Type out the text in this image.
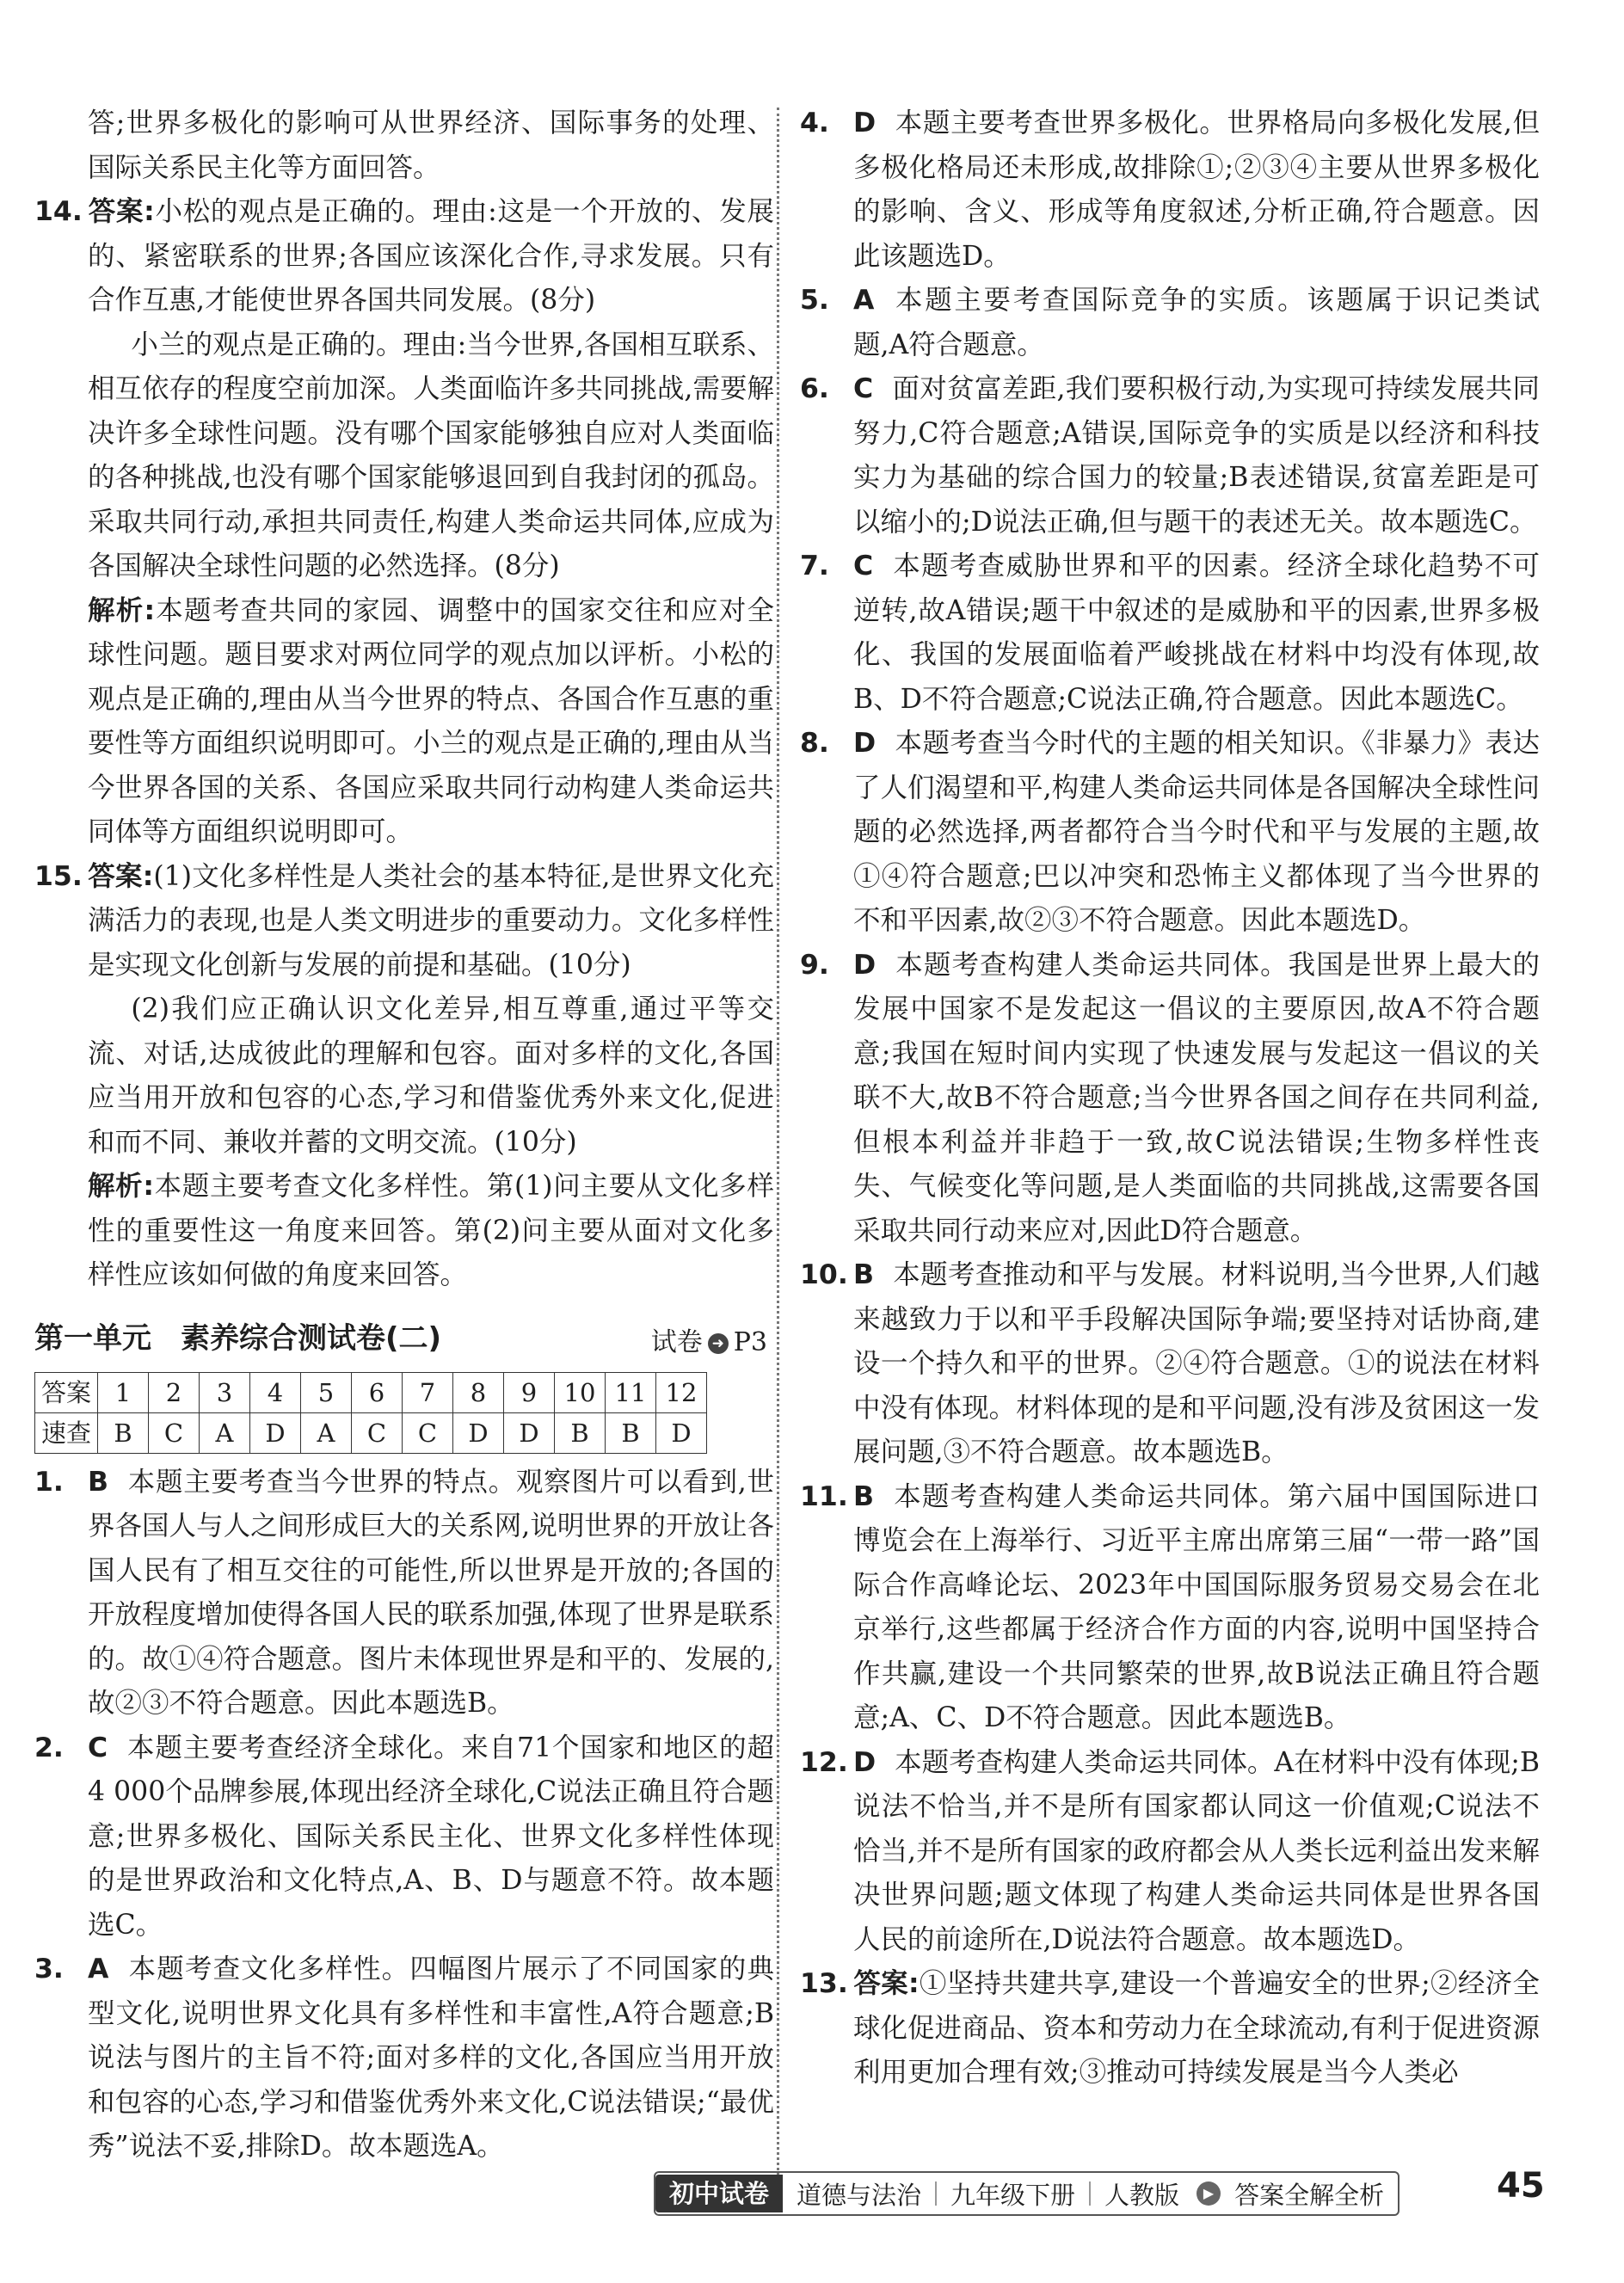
答;世界多极化的影响可从世界经济、国际事务的处理、国际关系民主化等方面回答。

14. 答案:小松的观点是正确的。理由:这是一个开放的、发展的、紧密联系的世界;各国应该深化合作,寻求发展。只有合作互惠,才能使世界各国共同发展。(8分)

小兰的观点是正确的。理由:当今世界,各国相互联系、相互依存的程度空前加深。人类面临许多共同挑战,需要解决许多全球性问题。没有哪个国家能够独自应对人类面临的各种挑战,也没有哪个国家能够退回到自我封闭的孤岛。采取共同行动,承担共同责任,构建人类命运共同体,应成为各国解决全球性问题的必然选择。(8分)

解析:本题考查共同的家园、调整中的国家交往和应对全球性问题。题目要求对两位同学的观点加以评析。小松的观点是正确的,理由从当今世界的特点、各国合作互惠的重要性等方面组织说明即可。小兰的观点是正确的,理由从当今世界各国的关系、各国应采取共同行动构建人类命运共同体等方面组织说明即可。

15. 答案:(1)文化多样性是人类社会的基本特征,是世界文化充满活力的表现,也是人类文明进步的重要动力。文化多样性是实现文化创新与发展的前提和基础。(10分)

(2)我们应正确认识文化差异,相互尊重,通过平等交流、对话,达成彼此的理解和包容。面对多样的文化,各国应当用开放和包容的心态,学习和借鉴优秀外来文化,促进和而不同、兼收并蓄的文明交流。(10分)

解析:本题主要考查文化多样性。第(1)问主要从文化多样性的重要性这一角度来回答。第(2)问主要从面对文化多样性应该如何做的角度来回答。

第一单元　素养综合测试卷(二)	试卷 ➜ P3
答案	1	2	3	4	5	6	7	8	9	10	11	12
速查	B	C	A	D	A	C	C	D	D	B	B	D

1. B 本题主要考查当今世界的特点。观察图片可以看到,世界各国人与人之间形成巨大的关系网,说明世界的开放让各国人民有了相互交往的可能性,所以世界是开放的;各国的开放程度增加使得各国人民的联系加强,体现了世界是联系的。故①④符合题意。图片未体现世界是和平的、发展的,故②③不符合题意。因此本题选B。

2. C 本题主要考查经济全球化。来自71个国家和地区的超4 000个品牌参展,体现出经济全球化,C说法正确且符合题意;世界多极化、国际关系民主化、世界文化多样性体现的是世界政治和文化特点,A、B、D与题意不符。故本题选C。

3. A 本题考查文化多样性。四幅图片展示了不同国家的典型文化,说明世界文化具有多样性和丰富性,A符合题意;B说法与图片的主旨不符;面对多样的文化,各国应当用开放和包容的心态,学习和借鉴优秀外来文化,C说法错误;“最优秀”说法不妥,排除D。故本题选A。

4. D 本题主要考查世界多极化。世界格局向多极化发展,但多极化格局还未形成,故排除①;②③④主要从世界多极化的影响、含义、形成等角度叙述,分析正确,符合题意。因此该题选D。

5. A 本题主要考查国际竞争的实质。该题属于识记类试题,A符合题意。

6. C 面对贫富差距,我们要积极行动,为实现可持续发展共同努力,C符合题意;A错误,国际竞争的实质是以经济和科技实力为基础的综合国力的较量;B表述错误,贫富差距是可以缩小的;D说法正确,但与题干的表述无关。故本题选C。

7. C 本题考查威胁世界和平的因素。经济全球化趋势不可逆转,故A错误;题干中叙述的是威胁和平的因素,世界多极化、我国的发展面临着严峻挑战在材料中均没有体现,故B、D不符合题意;C说法正确,符合题意。因此本题选C。

8. D 本题考查当今时代的主题的相关知识。《非暴力》表达了人们渴望和平,构建人类命运共同体是各国解决全球性问题的必然选择,两者都符合当今时代和平与发展的主题,故①④符合题意;巴以冲突和恐怖主义都体现了当今世界的不和平因素,故②③不符合题意。因此本题选D。

9. D 本题考查构建人类命运共同体。我国是世界上最大的发展中国家不是发起这一倡议的主要原因,故A不符合题意;我国在短时间内实现了快速发展与发起这一倡议的关联不大,故B不符合题意;当今世界各国之间存在共同利益,但根本利益并非趋于一致,故C说法错误;生物多样性丧失、气候变化等问题,是人类面临的共同挑战,这需要各国采取共同行动来应对,因此D符合题意。

10. B 本题考查推动和平与发展。材料说明,当今世界,人们越来越致力于以和平手段解决国际争端;要坚持对话协商,建设一个持久和平的世界。②④符合题意。①的说法在材料中没有体现。材料体现的是和平问题,没有涉及贫困这一发展问题,③不符合题意。故本题选B。

11. B 本题考查构建人类命运共同体。第六届中国国际进口博览会在上海举行、习近平主席出席第三届“一带一路”国际合作高峰论坛、2023年中国国际服务贸易交易会在北京举行,这些都属于经济合作方面的内容,说明中国坚持合作共赢,建设一个共同繁荣的世界,故B说法正确且符合题意;A、C、D不符合题意。因此本题选B。

12. D 本题考查构建人类命运共同体。A在材料中没有体现;B说法不恰当,并不是所有国家都认同这一价值观;C说法不恰当,并不是所有国家的政府都会从人类长远利益出发来解决世界问题;题文体现了构建人类命运共同体是世界各国人民的前途所在,D说法符合题意。故本题选D。

13. 答案:①坚持共建共享,建设一个普遍安全的世界;②经济全球化促进商品、资本和劳动力在全球流动,有利于促进资源利用更加合理有效;③推动可持续发展是当今人类必

初中试卷	道德与法治	九年级下册	人教版	▶ 答案全解全析	45
